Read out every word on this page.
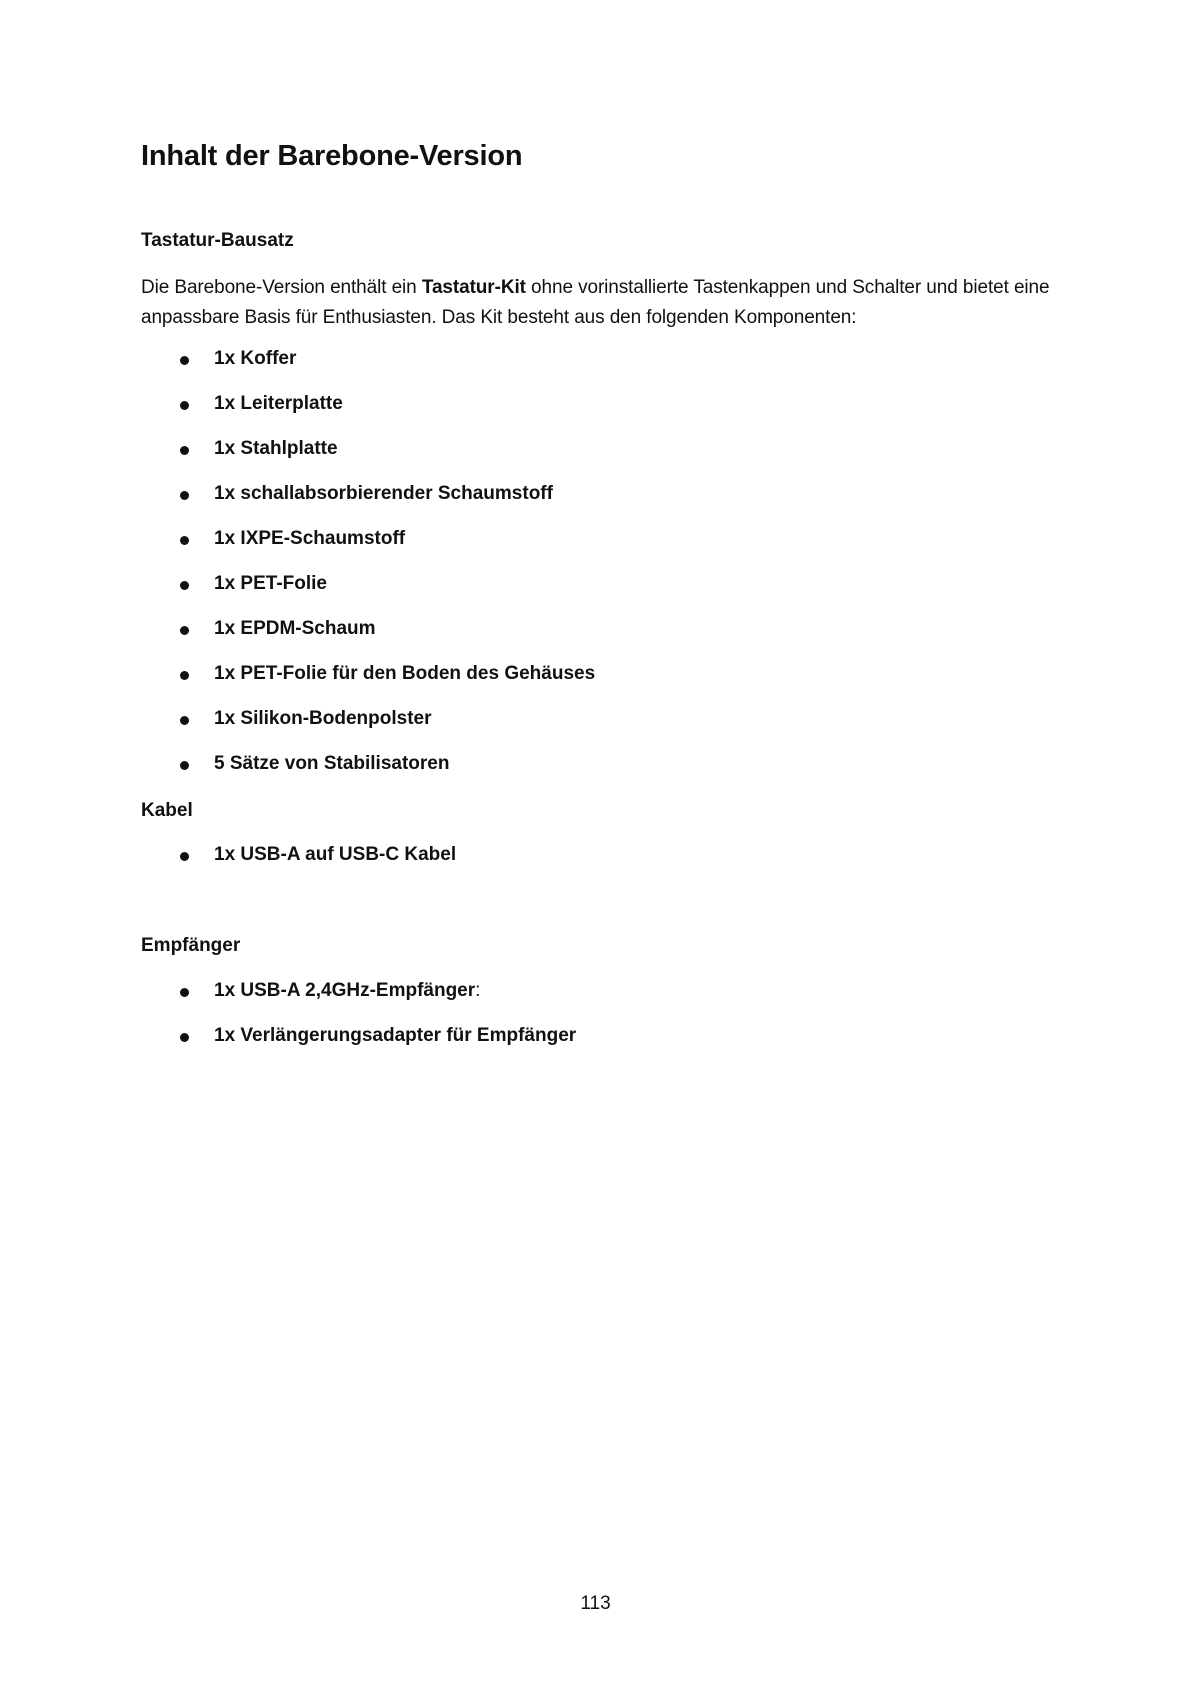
Inhalt der Barebone-Version
Tastatur-Bausatz

Die Barebone-Version enthält ein Tastatur-Kit ohne vorinstallierte Tastenkappen und Schalter und bietet eine anpassbare Basis für Enthusiasten. Das Kit besteht aus den folgenden Komponenten:

1x Koffer
1x Leiterplatte
1x Stahlplatte
1x schallabsorbierender Schaumstoff
1x IXPE-Schaumstoff
1x PET-Folie
1x EPDM-Schaum
1x PET-Folie für den Boden des Gehäuses
1x Silikon-Bodenpolster
5 Sätze von Stabilisatoren
Kabel
1x USB-A auf USB-C Kabel
Empfänger
1x USB-A 2,4GHz-Empfänger:
1x Verlängerungsadapter für Empfänger
113
